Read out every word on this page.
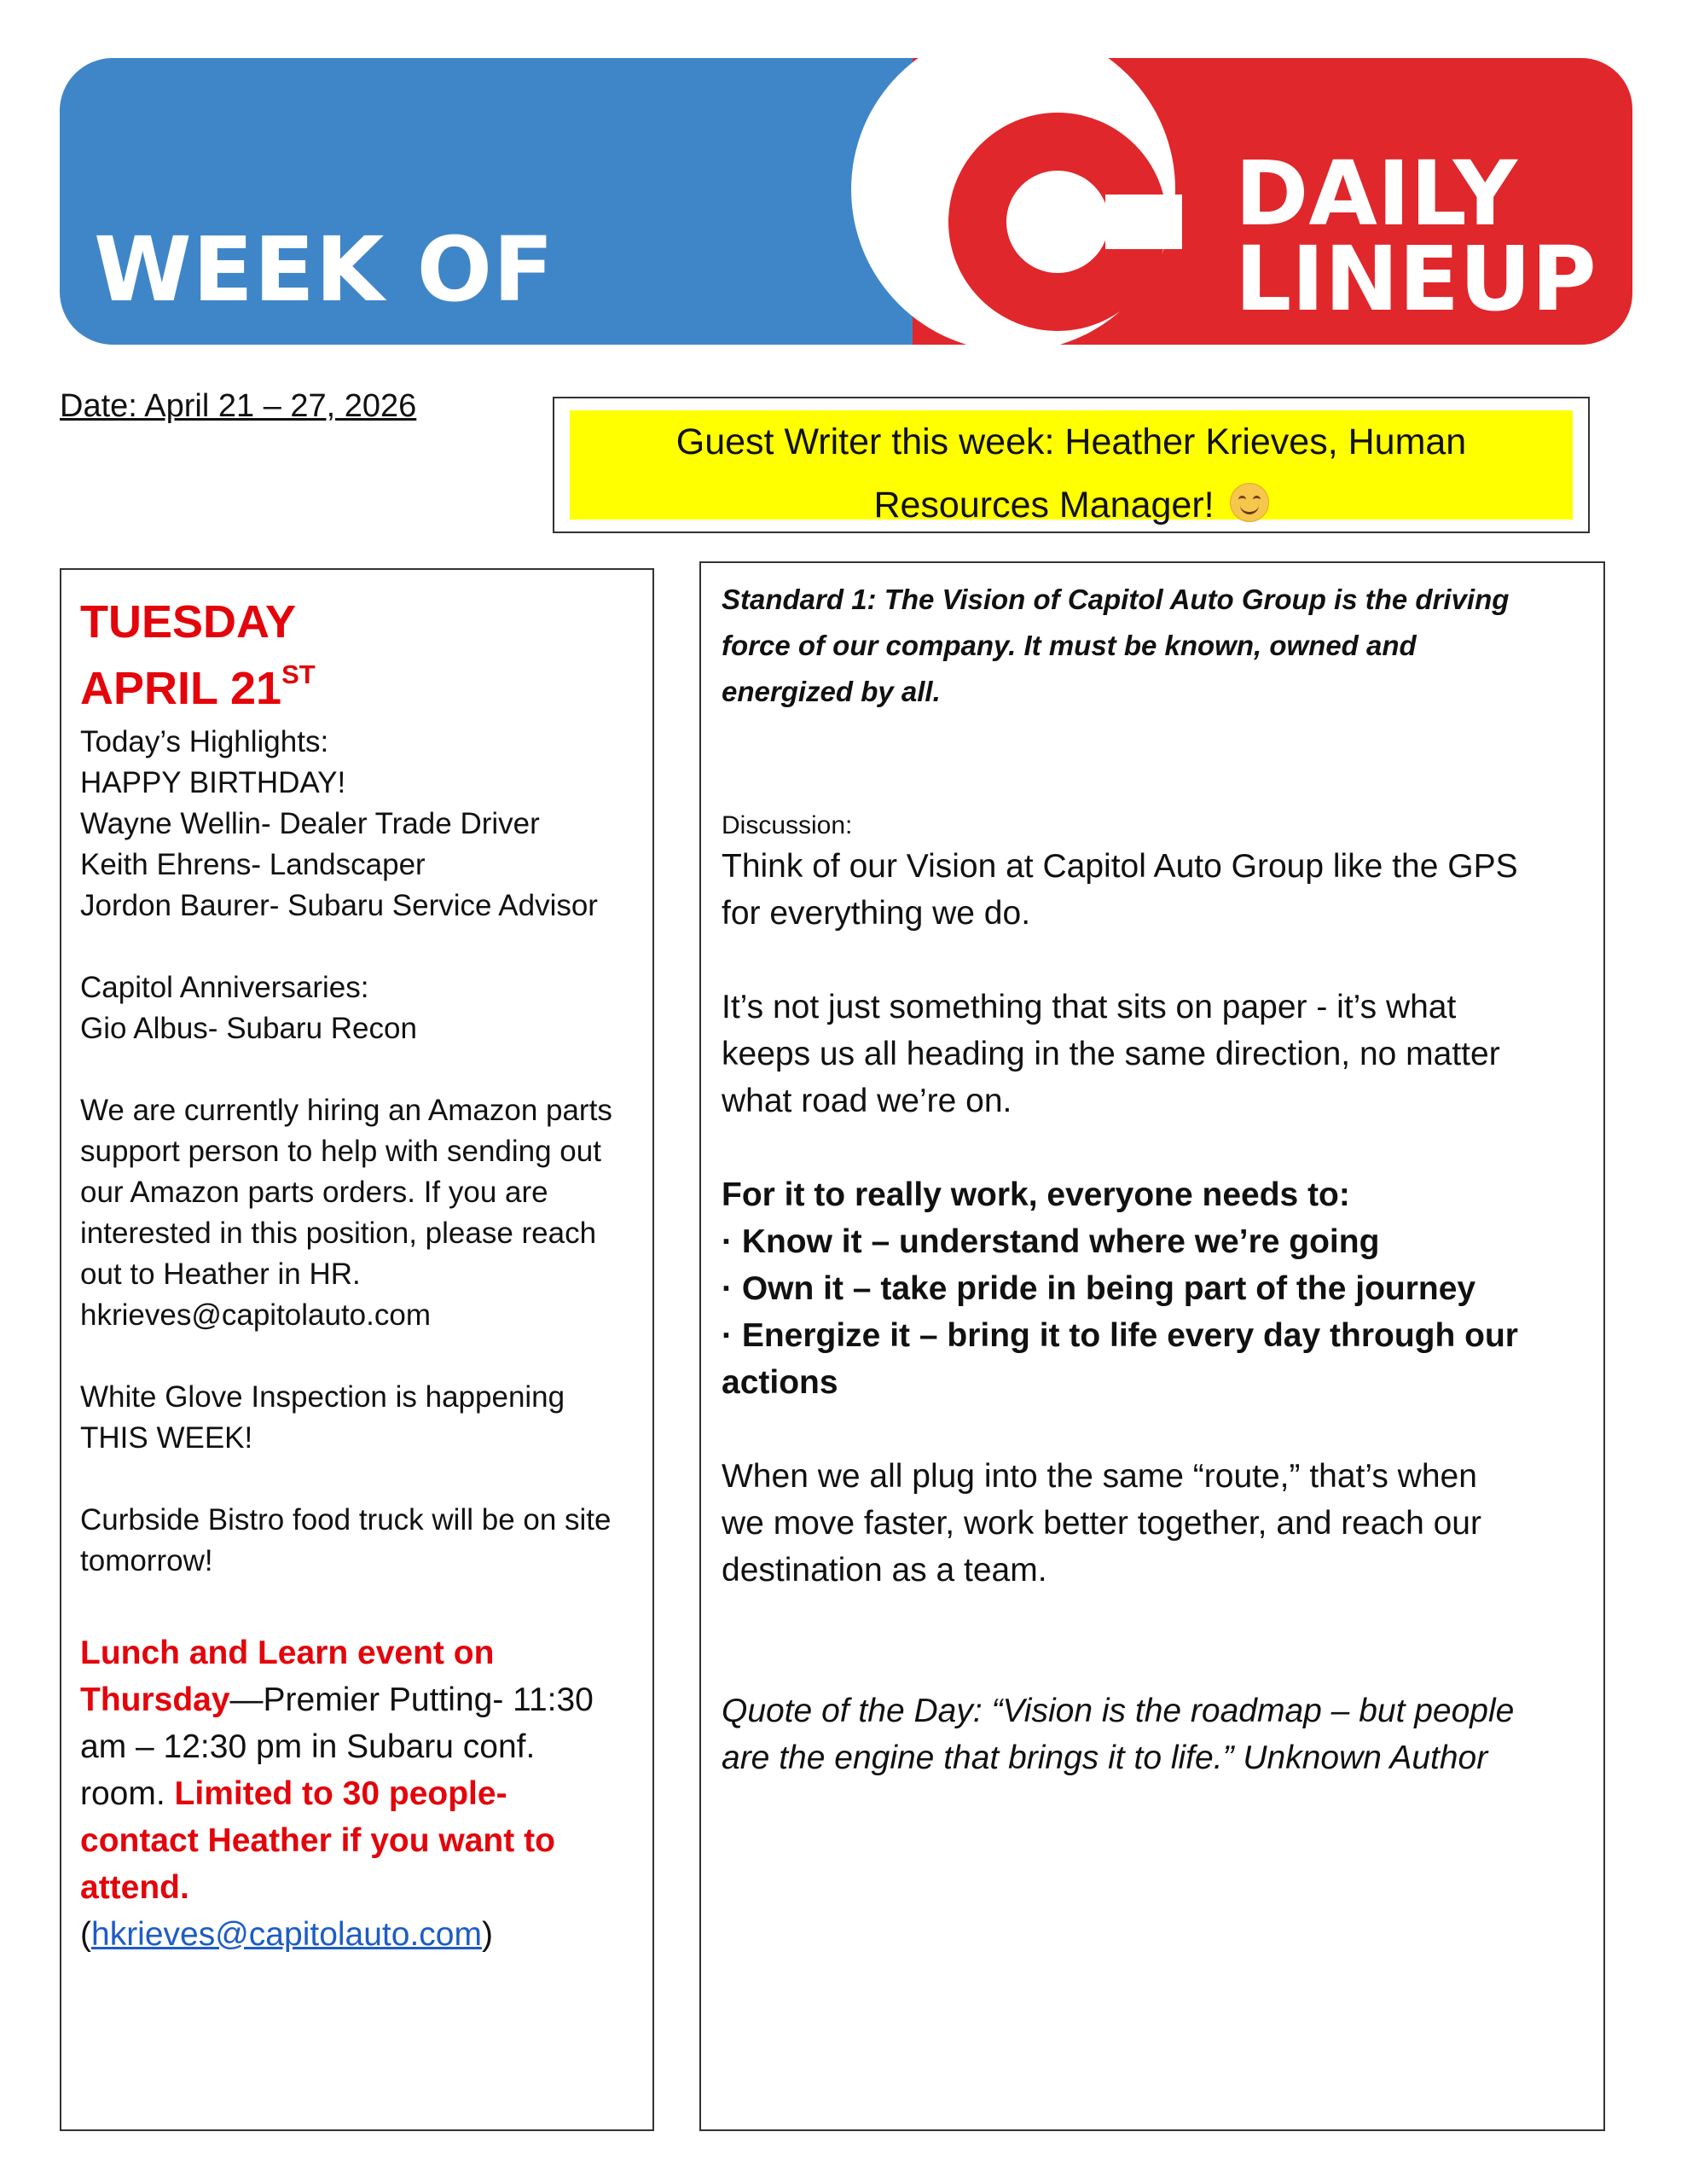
WEEK OF
DAILY
LINEUP
Date: April 21 – 27, 2026
Guest Writer this week: Heather Krieves, Human
Resources Manager!
TUESDAY
APRIL 21ST

Today’s Highlights:

HAPPY BIRTHDAY!

Wayne Wellin- Dealer Trade Driver

Keith Ehrens- Landscaper

Jordon Baurer- Subaru Service Advisor

Capitol Anniversaries:

Gio Albus- Subaru Recon

We are currently hiring an Amazon parts

support person to help with sending out

our Amazon parts orders. If you are

interested in this position, please reach

out to Heather in HR.

hkrieves@capitolauto.com

White Glove Inspection is happening

THIS WEEK!

Curbside Bistro food truck will be on site

tomorrow!

Lunch and Learn event on

Thursday—Premier Putting- 11:30

am – 12:30 pm in Subaru conf.

room. Limited to 30 people-

contact Heather if you want to

attend.

(hkrieves@capitolauto.com)

Standard 1: The Vision of Capitol Auto Group is the driving

force of our company. It must be known, owned and

energized by all.

Discussion:

Think of our Vision at Capitol Auto Group like the GPS

for everything we do.

It’s not just something that sits on paper - it’s what

keeps us all heading in the same direction, no matter

what road we’re on.

For it to really work, everyone needs to:

· Know it – understand where we’re going

· Own it – take pride in being part of the journey

· Energize it – bring it to life every day through our

actions

When we all plug into the same “route,” that’s when

we move faster, work better together, and reach our

destination as a team.

Quote of the Day: “Vision is the roadmap – but people

are the engine that brings it to life.” Unknown Author
